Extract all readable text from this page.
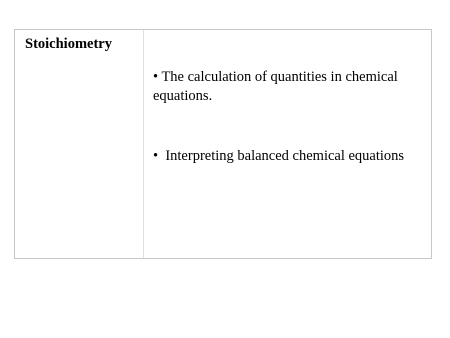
Stoichiometry
• The calculation of quantities in chemical equations.
• Interpreting balanced chemical equations
